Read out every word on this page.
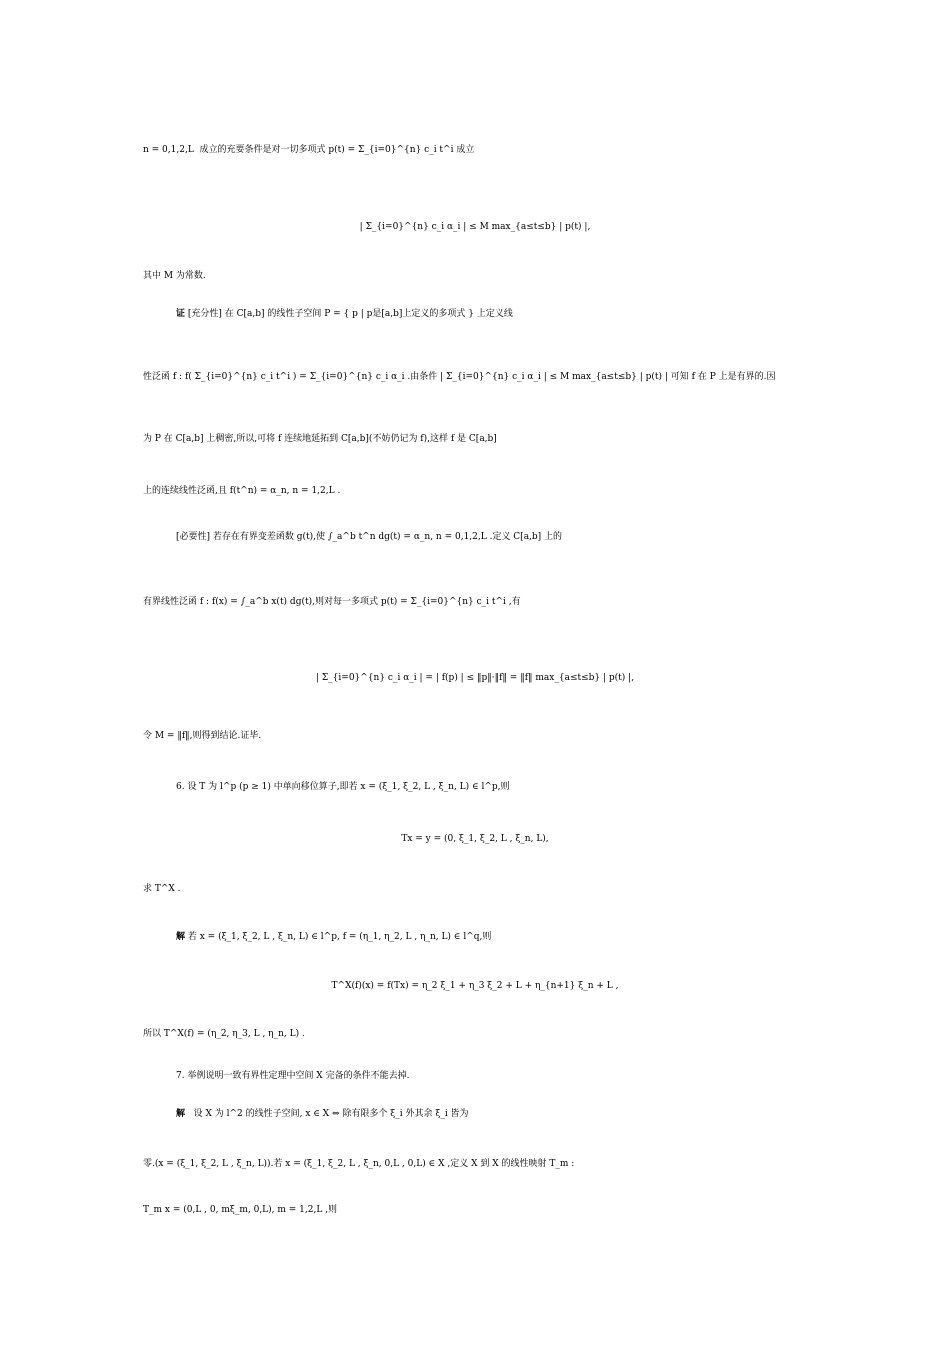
n = 0,1,2,L  成立的充要条件是对一切多项式 p(t) = Σ_{i=0}^{n} c_i t^i 成立
| Σ_{i=0}^{n} c_i α_i | ≤ M max_{a≤t≤b} | p(t) |,
其中 M 为常数.
证 [充分性] 在 C[a,b] 的线性子空间 P = { p | p是[a,b]上定义的多项式 } 上定义线
性泛函 f : f( Σ_{i=0}^{n} c_i t^i ) = Σ_{i=0}^{n} c_i α_i .由条件 | Σ_{i=0}^{n} c_i α_i | ≤ M max_{a≤t≤b} | p(t) | 可知 f 在 P 上是有界的.因
为 P 在 C[a,b] 上稠密,所以,可将 f 连续地延拓到 C[a,b](不妨仍记为 f),这样 f 是 C[a,b]
上的连续线性泛函,且 f(t^n) = α_n, n = 1,2,L .
[必要性] 若存在有界变差函数 g(t),使 ∫_a^b t^n dg(t) = α_n, n = 0,1,2,L .定义 C[a,b] 上的
有界线性泛函 f : f(x) = ∫_a^b x(t) dg(t),则对每一多项式 p(t) = Σ_{i=0}^{n} c_i t^i ,有
| Σ_{i=0}^{n} c_i α_i | = | f(p) | ≤ ‖p‖·‖f‖ = ‖f‖ max_{a≤t≤b} | p(t) |,
令 M = ‖f‖,则得到结论.证毕.
6. 设 T 为 l^p (p ≥ 1) 中单向移位算子,即若 x = (ξ_1, ξ_2, L , ξ_n, L) ∈ l^p,则
Tx = y = (0, ξ_1, ξ_2, L , ξ_n, L),
求 T^X .
解 若 x = (ξ_1, ξ_2, L , ξ_n, L) ∈ l^p, f = (η_1, η_2, L , η_n, L) ∈ l^q,则
T^X(f)(x) = f(Tx) = η_2 ξ_1 + η_3 ξ_2 + L + η_{n+1} ξ_n + L ,
所以 T^X(f) = (η_2, η_3, L , η_n, L) .
7. 举例说明一致有界性定理中空间 X 完备的条件不能去掉.
解   设 X 为 l^2 的线性子空间, x ∈ X ⇔ 除有限多个 ξ_i 外其余 ξ_i 皆为
零.(x = (ξ_1, ξ_2, L , ξ_n, L)).若 x = (ξ_1, ξ_2, L , ξ_n, 0,L , 0,L) ∈ X ,定义 X 到 X 的线性映射 T_m :
T_m x = (0,L , 0, mξ_m, 0,L), m = 1,2,L ,则
